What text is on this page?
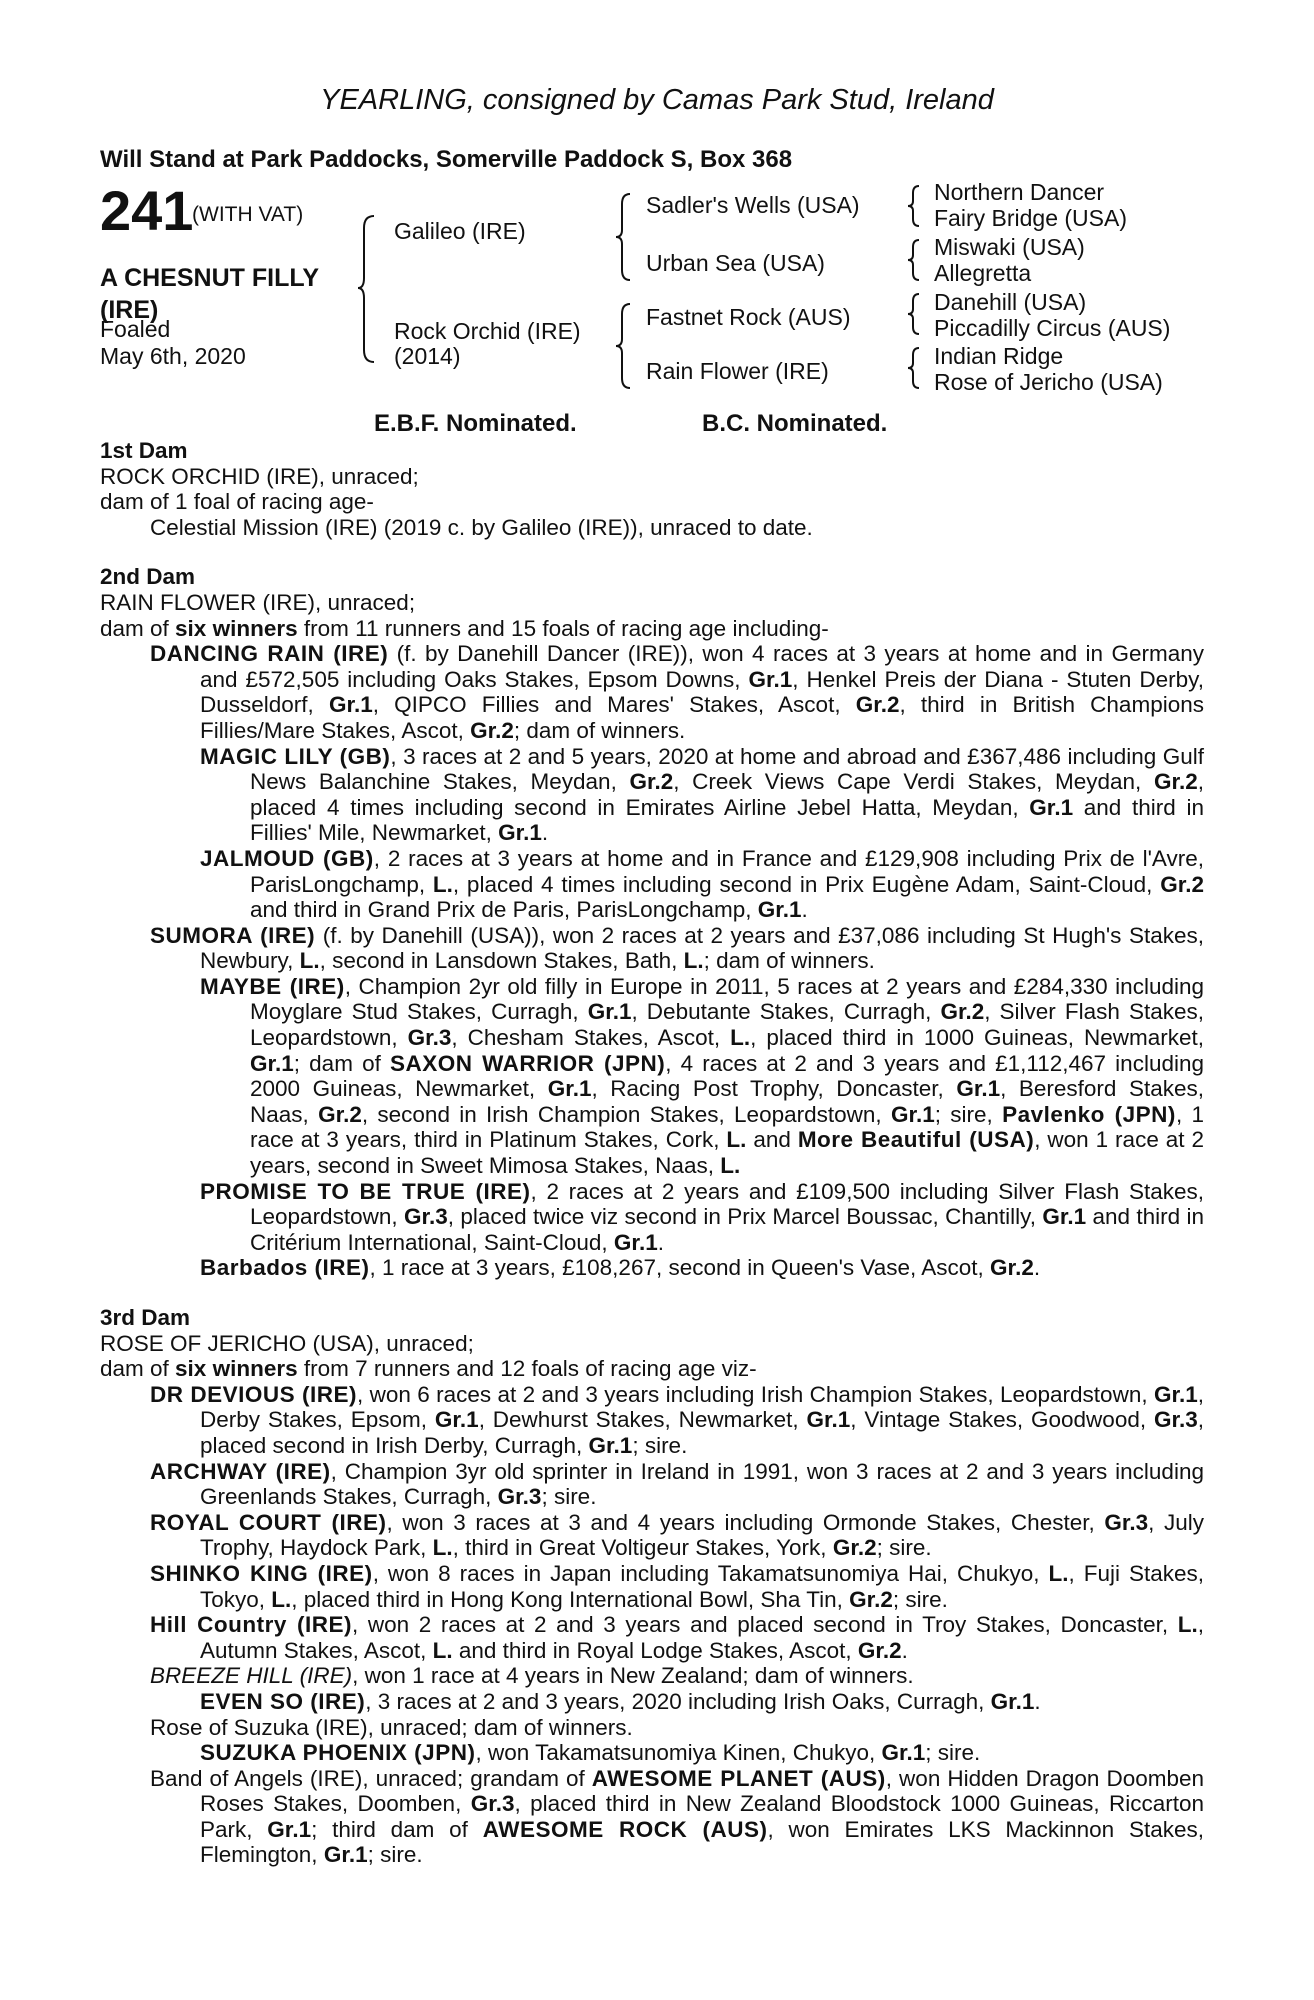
YEARLING, consigned by Camas Park Stud, Ireland
Will Stand at Park Paddocks, Somerville Paddock S, Box 368
241
(WITH VAT)
A CHESNUT FILLY
(IRE)
Foaled
May 6th, 2020
Galileo (IRE)
Rock Orchid (IRE)
(2014)
Sadler's Wells (USA)
Urban Sea (USA)
Fastnet Rock (AUS)
Rain Flower (IRE)
Northern Dancer
Fairy Bridge (USA)
Miswaki (USA)
Allegretta
Danehill (USA)
Piccadilly Circus (AUS)
Indian Ridge
Rose of Jericho (USA)
E.B.F. Nominated.	B.C. Nominated.
1st Dam
ROCK ORCHID (IRE), unraced;
dam of 1 foal of racing age-
Celestial Mission (IRE) (2019 c. by Galileo (IRE)), unraced to date.
2nd Dam
RAIN FLOWER (IRE), unraced;
dam of six winners from 11 runners and 15 foals of racing age including-
DANCING RAIN (IRE) (f. by Danehill Dancer (IRE)), won 4 races at 3 years at home and in Germany and £572,505 including Oaks Stakes, Epsom Downs, Gr.1, Henkel Preis der Diana - Stuten Derby, Dusseldorf, Gr.1, QIPCO Fillies and Mares' Stakes, Ascot, Gr.2, third in British Champions Fillies/Mare Stakes, Ascot, Gr.2; dam of winners.
MAGIC LILY (GB), 3 races at 2 and 5 years, 2020 at home and abroad and £367,486 including Gulf News Balanchine Stakes, Meydan, Gr.2, Creek Views Cape Verdi Stakes, Meydan, Gr.2, placed 4 times including second in Emirates Airline Jebel Hatta, Meydan, Gr.1 and third in Fillies' Mile, Newmarket, Gr.1.
JALMOUD (GB), 2 races at 3 years at home and in France and £129,908 including Prix de l'Avre, ParisLongchamp, L., placed 4 times including second in Prix Eugène Adam, Saint-Cloud, Gr.2 and third in Grand Prix de Paris, ParisLongchamp, Gr.1.
SUMORA (IRE) (f. by Danehill (USA)), won 2 races at 2 years and £37,086 including St Hugh's Stakes, Newbury, L., second in Lansdown Stakes, Bath, L.; dam of winners.
MAYBE (IRE), Champion 2yr old filly in Europe in 2011, 5 races at 2 years and £284,330 including Moyglare Stud Stakes, Curragh, Gr.1, Debutante Stakes, Curragh, Gr.2, Silver Flash Stakes, Leopardstown, Gr.3, Chesham Stakes, Ascot, L., placed third in 1000 Guineas, Newmarket, Gr.1; dam of SAXON WARRIOR (JPN), 4 races at 2 and 3 years and £1,112,467 including 2000 Guineas, Newmarket, Gr.1, Racing Post Trophy, Doncaster, Gr.1, Beresford Stakes, Naas, Gr.2, second in Irish Champion Stakes, Leopardstown, Gr.1; sire, Pavlenko (JPN), 1 race at 3 years, third in Platinum Stakes, Cork, L. and More Beautiful (USA), won 1 race at 2 years, second in Sweet Mimosa Stakes, Naas, L.
PROMISE TO BE TRUE (IRE), 2 races at 2 years and £109,500 including Silver Flash Stakes, Leopardstown, Gr.3, placed twice viz second in Prix Marcel Boussac, Chantilly, Gr.1 and third in Critérium International, Saint-Cloud, Gr.1.
Barbados (IRE), 1 race at 3 years, £108,267, second in Queen's Vase, Ascot, Gr.2.
3rd Dam
ROSE OF JERICHO (USA), unraced;
dam of six winners from 7 runners and 12 foals of racing age viz-
DR DEVIOUS (IRE), won 6 races at 2 and 3 years including Irish Champion Stakes, Leopardstown, Gr.1, Derby Stakes, Epsom, Gr.1, Dewhurst Stakes, Newmarket, Gr.1, Vintage Stakes, Goodwood, Gr.3, placed second in Irish Derby, Curragh, Gr.1; sire.
ARCHWAY (IRE), Champion 3yr old sprinter in Ireland in 1991, won 3 races at 2 and 3 years including Greenlands Stakes, Curragh, Gr.3; sire.
ROYAL COURT (IRE), won 3 races at 3 and 4 years including Ormonde Stakes, Chester, Gr.3, July Trophy, Haydock Park, L., third in Great Voltigeur Stakes, York, Gr.2; sire.
SHINKO KING (IRE), won 8 races in Japan including Takamatsunomiya Hai, Chukyo, L., Fuji Stakes, Tokyo, L., placed third in Hong Kong International Bowl, Sha Tin, Gr.2; sire.
Hill Country (IRE), won 2 races at 2 and 3 years and placed second in Troy Stakes, Doncaster, L., Autumn Stakes, Ascot, L. and third in Royal Lodge Stakes, Ascot, Gr.2.
BREEZE HILL (IRE), won 1 race at 4 years in New Zealand; dam of winners.
EVEN SO (IRE), 3 races at 2 and 3 years, 2020 including Irish Oaks, Curragh, Gr.1.
Rose of Suzuka (IRE), unraced; dam of winners.
SUZUKA PHOENIX (JPN), won Takamatsunomiya Kinen, Chukyo, Gr.1; sire.
Band of Angels (IRE), unraced; grandam of AWESOME PLANET (AUS), won Hidden Dragon Doomben Roses Stakes, Doomben, Gr.3, placed third in New Zealand Bloodstock 1000 Guineas, Riccarton Park, Gr.1; third dam of AWESOME ROCK (AUS), won Emirates LKS Mackinnon Stakes, Flemington, Gr.1; sire.
